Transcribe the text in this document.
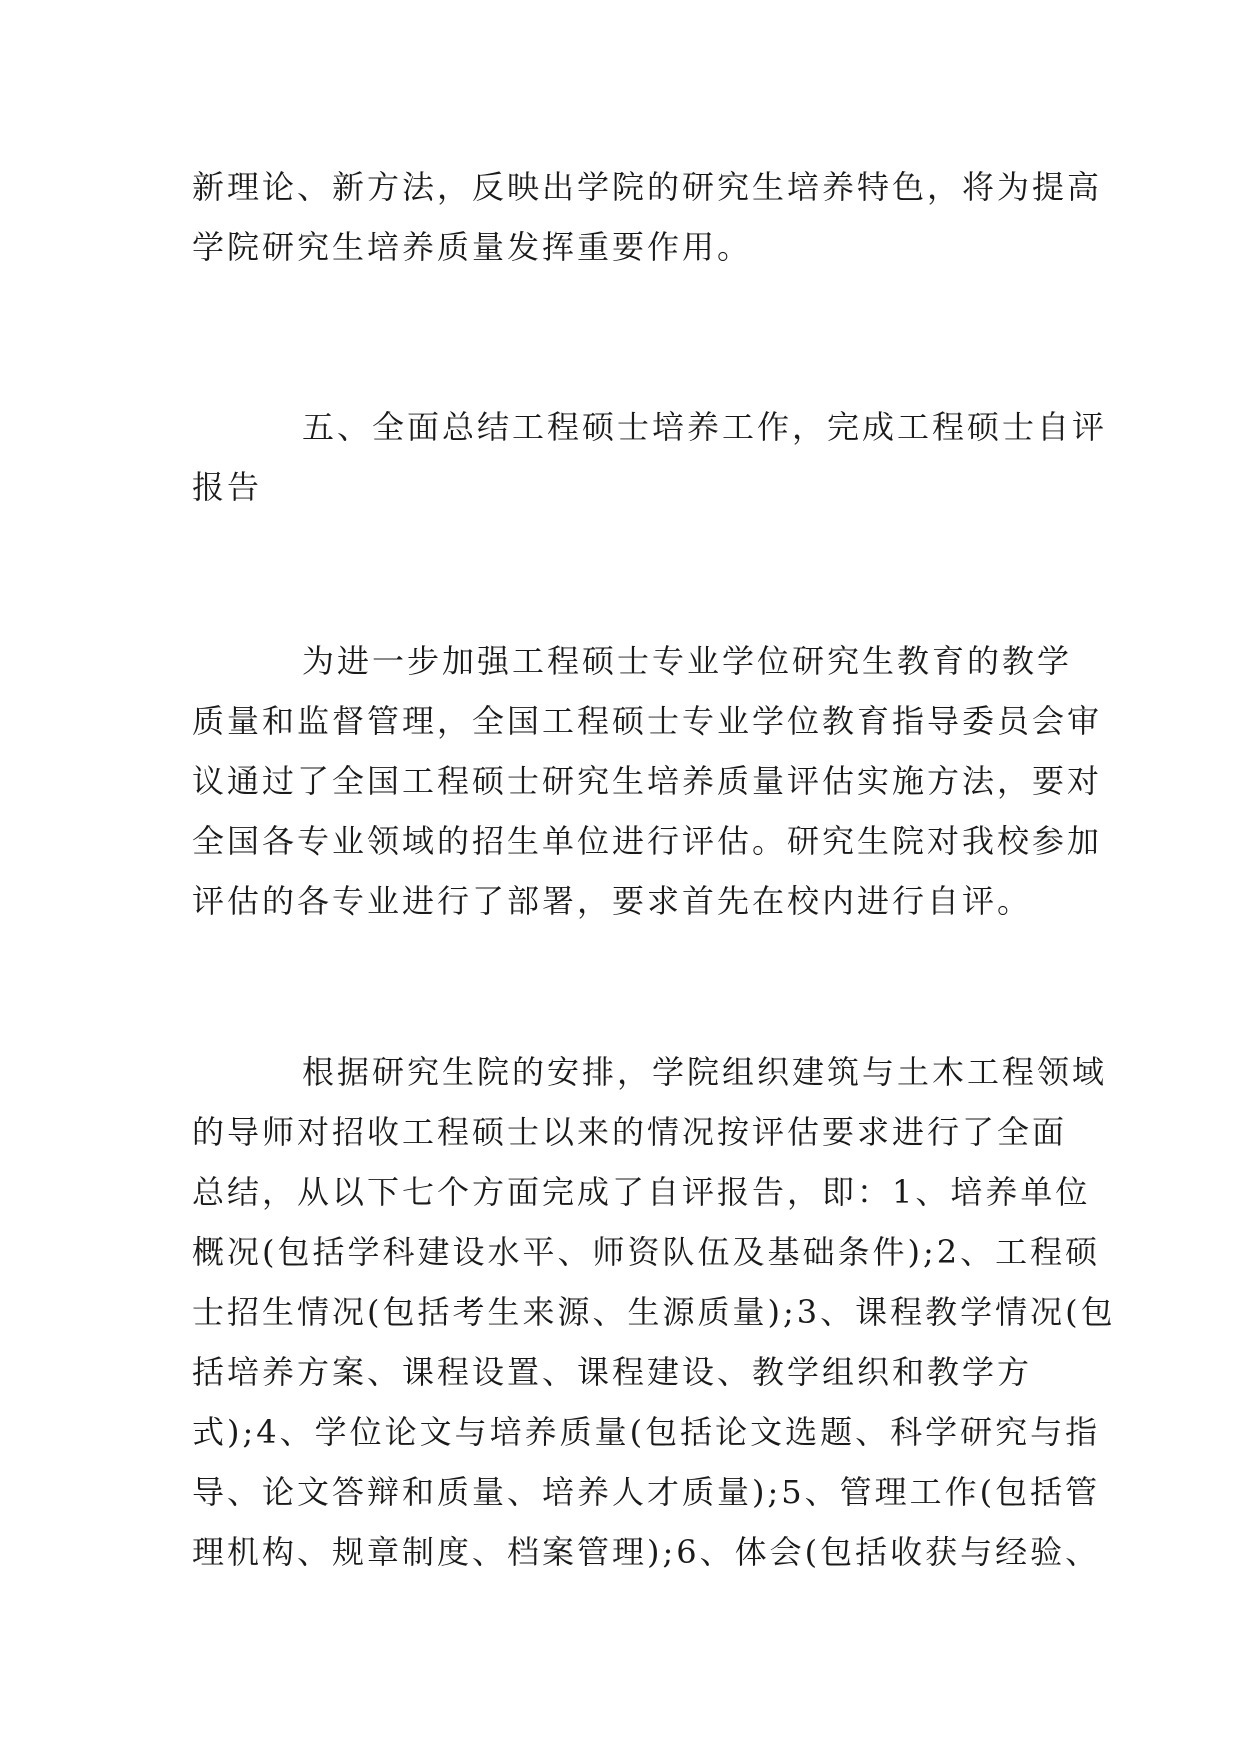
新理论、新方法，反映出学院的研究生培养特色，将为提高
学院研究生培养质量发挥重要作用。
五、全面总结工程硕士培养工作，完成工程硕士自评
报告
为进一步加强工程硕士专业学位研究生教育的教学
质量和监督管理，全国工程硕士专业学位教育指导委员会审
议通过了全国工程硕士研究生培养质量评估实施方法，要对
全国各专业领域的招生单位进行评估。研究生院对我校参加
评估的各专业进行了部署，要求首先在校内进行自评。
根据研究生院的安排，学院组织建筑与土木工程领域
的导师对招收工程硕士以来的情况按评估要求进行了全面
总结，从以下七个方面完成了自评报告，即：1、培养单位
概况(包括学科建设水平、师资队伍及基础条件);2、工程硕
士招生情况(包括考生来源、生源质量);3、课程教学情况(包
括培养方案、课程设置、课程建设、教学组织和教学方
式);4、学位论文与培养质量(包括论文选题、科学研究与指
导、论文答辩和质量、培养人才质量);5、管理工作(包括管
理机构、规章制度、档案管理);6、体会(包括收获与经验、
